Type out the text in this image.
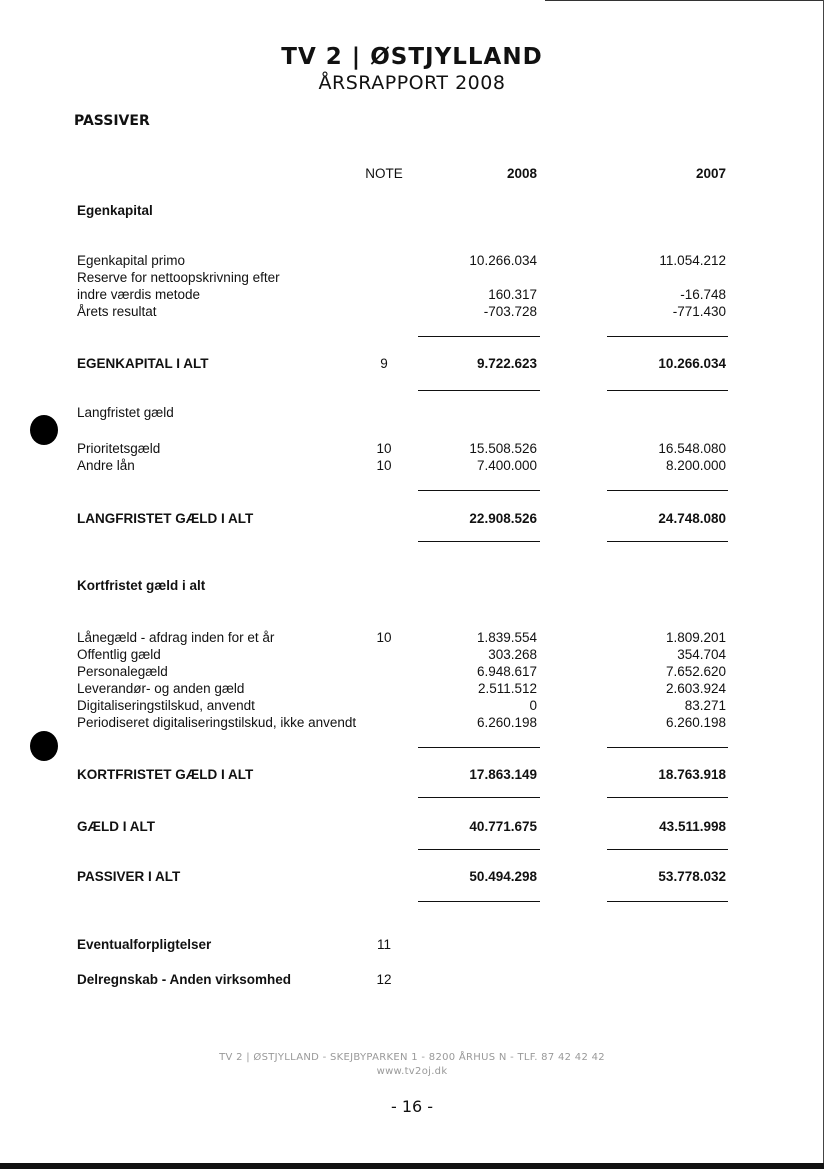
TV 2 | ØSTJYLLAND
ÅRSRAPPORT 2008
PASSIVER
NOTE	2008	2007
Egenkapital
Egenkapital primo	10.266.034	11.054.212
Reserve for nettoopskrivning efter
indre værdis metode	160.317	-16.748
Årets resultat	-703.728	-771.430
EGENKAPITAL I ALT	9	9.722.623	10.266.034
Langfristet gæld
Prioritetsgæld	10	15.508.526	16.548.080
Andre lån	10	7.400.000	8.200.000
LANGFRISTET GÆLD I ALT	22.908.526	24.748.080
Kortfristet gæld i alt
Lånegæld - afdrag inden for et år	10	1.839.554	1.809.201
Offentlig gæld	303.268	354.704
Personalegæld	6.948.617	7.652.620
Leverandør- og anden gæld	2.511.512	2.603.924
Digitaliseringstilskud, anvendt	0	83.271
Periodiseret digitaliseringstilskud, ikke anvendt	6.260.198	6.260.198
KORTFRISTET GÆLD I ALT	17.863.149	18.763.918
GÆLD I ALT	40.771.675	43.511.998
PASSIVER I ALT	50.494.298	53.778.032
Eventualforpligtelser	11
Delregnskab - Anden virksomhed	12
TV 2 | ØSTJYLLAND - SKEJBYPARKEN 1 - 8200 ÅRHUS N - TLF. 87 42 42 42
www.tv2oj.dk
- 16 -
